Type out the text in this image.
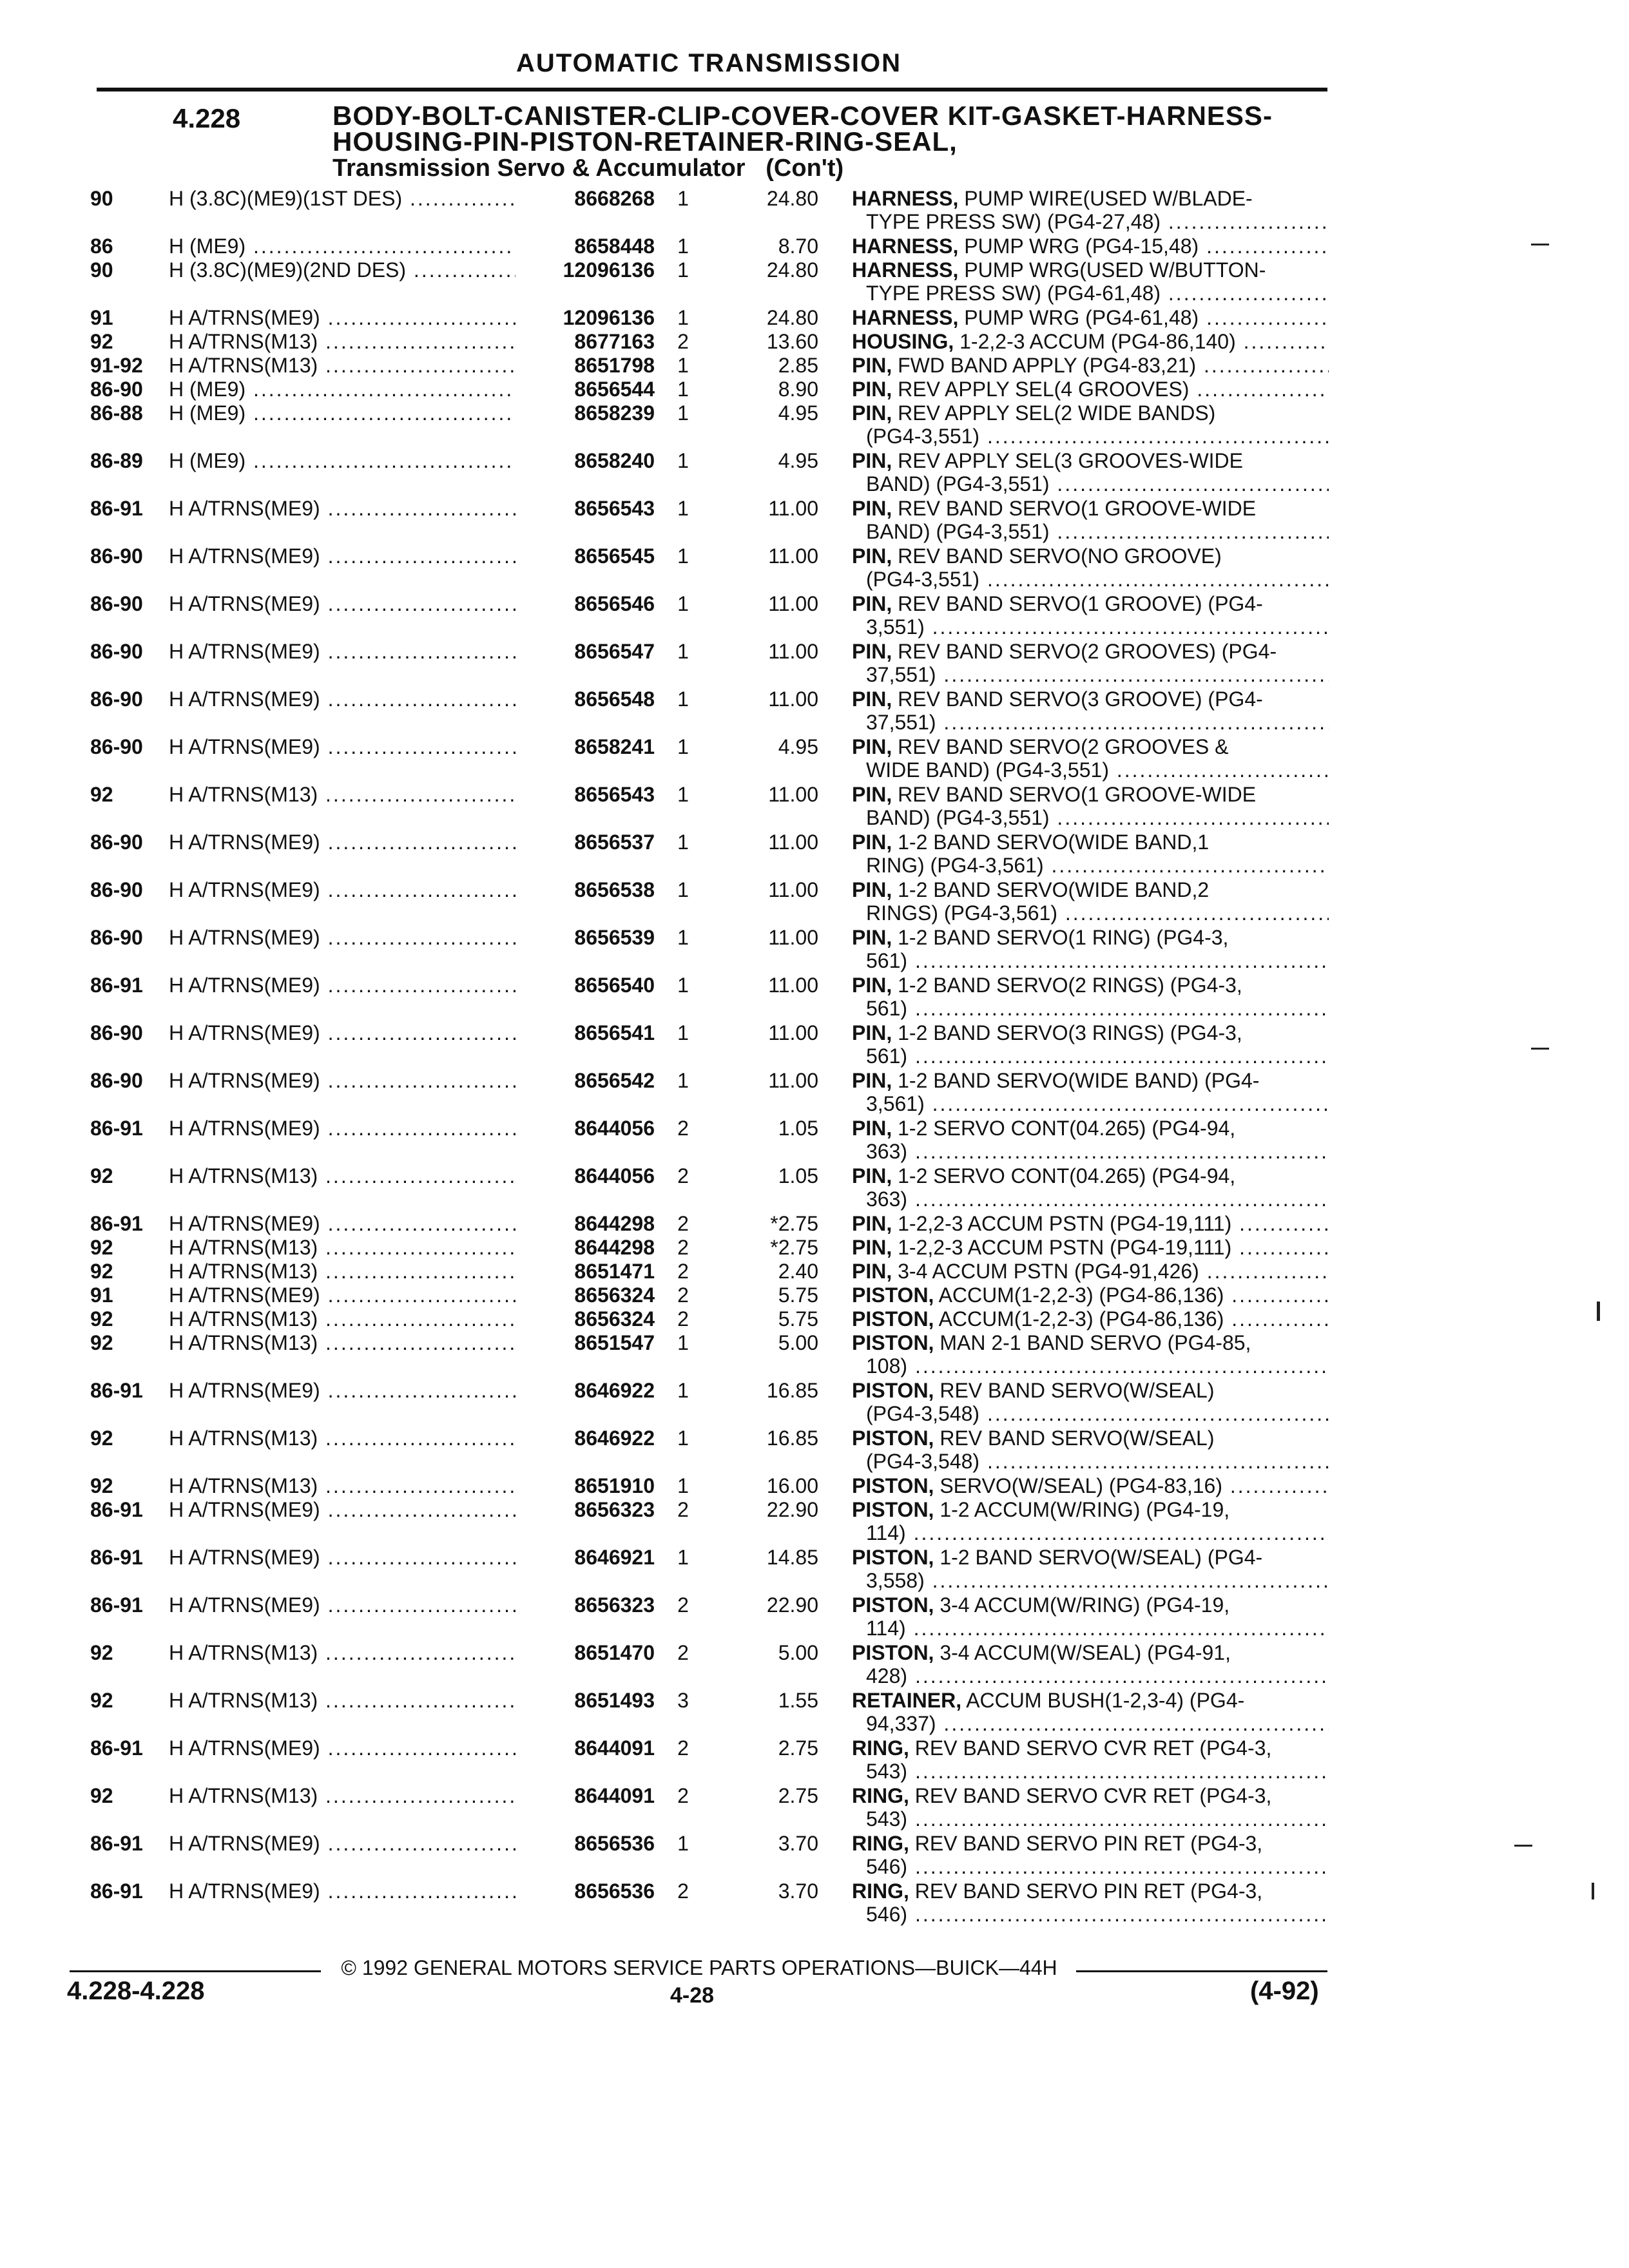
AUTOMATIC TRANSMISSION
4.228	BODY-BOLT-CANISTER-CLIP-COVER-COVER KIT-GASKET-HARNESS-HOUSING-PIN-PISTON-RETAINER-RING-SEAL,
Transmission Servo & Accumulator (Con't)
90	H (3.8C)(ME9)(1ST DES) .....	8668268	1	24.80 HARNESS, PUMP WIRE(USED W/BLADE-
TYPE PRESS SW) (PG4-27,48) .....
86	H (ME9) .....	8658448	1	8.70 HARNESS, PUMP WRG (PG4-15,48) .....
90	H (3.8C)(ME9)(2ND DES) .....	12096136	1	24.80 HARNESS, PUMP WRG(USED W/BUTTON-
TYPE PRESS SW) (PG4-61,48) .....
91	H A/TRNS(ME9) .....	12096136	1	24.80 HARNESS, PUMP WRG (PG4-61,48) .....
92	H A/TRNS(M13) .....	8677163	2	13.60 HOUSING, 1-2,2-3 ACCUM (PG4-86,140) .....
91-92	H A/TRNS(M13) .....	8651798	1	2.85 PIN, FWD BAND APPLY (PG4-83,21) .....
86-90	H (ME9) .....	8656544	1	8.90 PIN, REV APPLY SEL(4 GROOVES) .....
86-88	H (ME9) .....	8658239	1	4.95 PIN, REV APPLY SEL(2 WIDE BANDS)
(PG4-3,551) .....
86-89	H (ME9) .....	8658240	1	4.95 PIN, REV APPLY SEL(3 GROOVES-WIDE
BAND) (PG4-3,551) .....
86-91	H A/TRNS(ME9) .....	8656543	1	11.00 PIN, REV BAND SERVO(1 GROOVE-WIDE
BAND) (PG4-3,551) .....
86-90	H A/TRNS(ME9) .....	8656545	1	11.00 PIN, REV BAND SERVO(NO GROOVE)
(PG4-3,551) .....
86-90	H A/TRNS(ME9) .....	8656546	1	11.00 PIN, REV BAND SERVO(1 GROOVE) (PG4-
3,551) .....
86-90	H A/TRNS(ME9) .....	8656547	1	11.00 PIN, REV BAND SERVO(2 GROOVES) (PG4-
37,551) .....
86-90	H A/TRNS(ME9) .....	8656548	1	11.00 PIN, REV BAND SERVO(3 GROOVE) (PG4-
37,551) .....
86-90	H A/TRNS(ME9) .....	8658241	1	4.95 PIN, REV BAND SERVO(2 GROOVES &
WIDE BAND) (PG4-3,551) .....
92	H A/TRNS(M13) .....	8656543	1	11.00 PIN, REV BAND SERVO(1 GROOVE-WIDE
BAND) (PG4-3,551) .....
86-90	H A/TRNS(ME9) .....	8656537	1	11.00 PIN, 1-2 BAND SERVO(WIDE BAND,1
RING) (PG4-3,561) .....
86-90	H A/TRNS(ME9) .....	8656538	1	11.00 PIN, 1-2 BAND SERVO(WIDE BAND,2
RINGS) (PG4-3,561) .....
86-90	H A/TRNS(ME9) .....	8656539	1	11.00 PIN, 1-2 BAND SERVO(1 RING) (PG4-3,
561) .....
86-91	H A/TRNS(ME9) .....	8656540	1	11.00 PIN, 1-2 BAND SERVO(2 RINGS) (PG4-3,
561) .....
86-90	H A/TRNS(ME9) .....	8656541	1	11.00 PIN, 1-2 BAND SERVO(3 RINGS) (PG4-3,
561) .....
86-90	H A/TRNS(ME9) .....	8656542	1	11.00 PIN, 1-2 BAND SERVO(WIDE BAND) (PG4-
3,561) .....
86-91	H A/TRNS(ME9) .....	8644056	2	1.05 PIN, 1-2 SERVO CONT(04.265) (PG4-94,
363) .....
92	H A/TRNS(M13) .....	8644056	2	1.05 PIN, 1-2 SERVO CONT(04.265) (PG4-94,
363) .....
86-91	H A/TRNS(ME9) .....	8644298	2	*2.75 PIN, 1-2,2-3 ACCUM PSTN (PG4-19,111) .....
92	H A/TRNS(M13) .....	8644298	2	*2.75 PIN, 1-2,2-3 ACCUM PSTN (PG4-19,111) .....
92	H A/TRNS(M13) .....	8651471	2	2.40 PIN, 3-4 ACCUM PSTN (PG4-91,426) .....
91	H A/TRNS(ME9) .....	8656324	2	5.75 PISTON, ACCUM(1-2,2-3) (PG4-86,136) .....
92	H A/TRNS(M13) .....	8656324	2	5.75 PISTON, ACCUM(1-2,2-3) (PG4-86,136) .....
92	H A/TRNS(M13) .....	8651547	1	5.00 PISTON, MAN 2-1 BAND SERVO (PG4-85,
108) .....
86-91	H A/TRNS(ME9) .....	8646922	1	16.85 PISTON, REV BAND SERVO(W/SEAL)
(PG4-3,548) .....
92	H A/TRNS(M13) .....	8646922	1	16.85 PISTON, REV BAND SERVO(W/SEAL)
(PG4-3,548) .....
92	H A/TRNS(M13) .....	8651910	1	16.00 PISTON, SERVO(W/SEAL) (PG4-83,16) .....
86-91	H A/TRNS(ME9) .....	8656323	2	22.90 PISTON, 1-2 ACCUM(W/RING) (PG4-19,
114) .....
86-91	H A/TRNS(ME9) .....	8646921	1	14.85 PISTON, 1-2 BAND SERVO(W/SEAL) (PG4-
3,558) .....
86-91	H A/TRNS(ME9) .....	8656323	2	22.90 PISTON, 3-4 ACCUM(W/RING) (PG4-19,
114) .....
92	H A/TRNS(M13) .....	8651470	2	5.00 PISTON, 3-4 ACCUM(W/SEAL) (PG4-91,
428) .....
92	H A/TRNS(M13) .....	8651493	3	1.55 RETAINER, ACCUM BUSH(1-2,3-4) (PG4-
94,337) .....
86-91	H A/TRNS(ME9) .....	8644091	2	2.75 RING, REV BAND SERVO CVR RET (PG4-3,
543) .....
92	H A/TRNS(M13) .....	8644091	2	2.75 RING, REV BAND SERVO CVR RET (PG4-3,
543) .....
86-91	H A/TRNS(ME9) .....	8656536	1	3.70 RING, REV BAND SERVO PIN RET (PG4-3,
546) .....
86-91	H A/TRNS(ME9) .....	8656536	2	3.70 RING, REV BAND SERVO PIN RET (PG4-3,
546) .....
© 1992 GENERAL MOTORS SERVICE PARTS OPERATIONS—BUICK—44H
4.228-4.228	4-28	(4-92)
